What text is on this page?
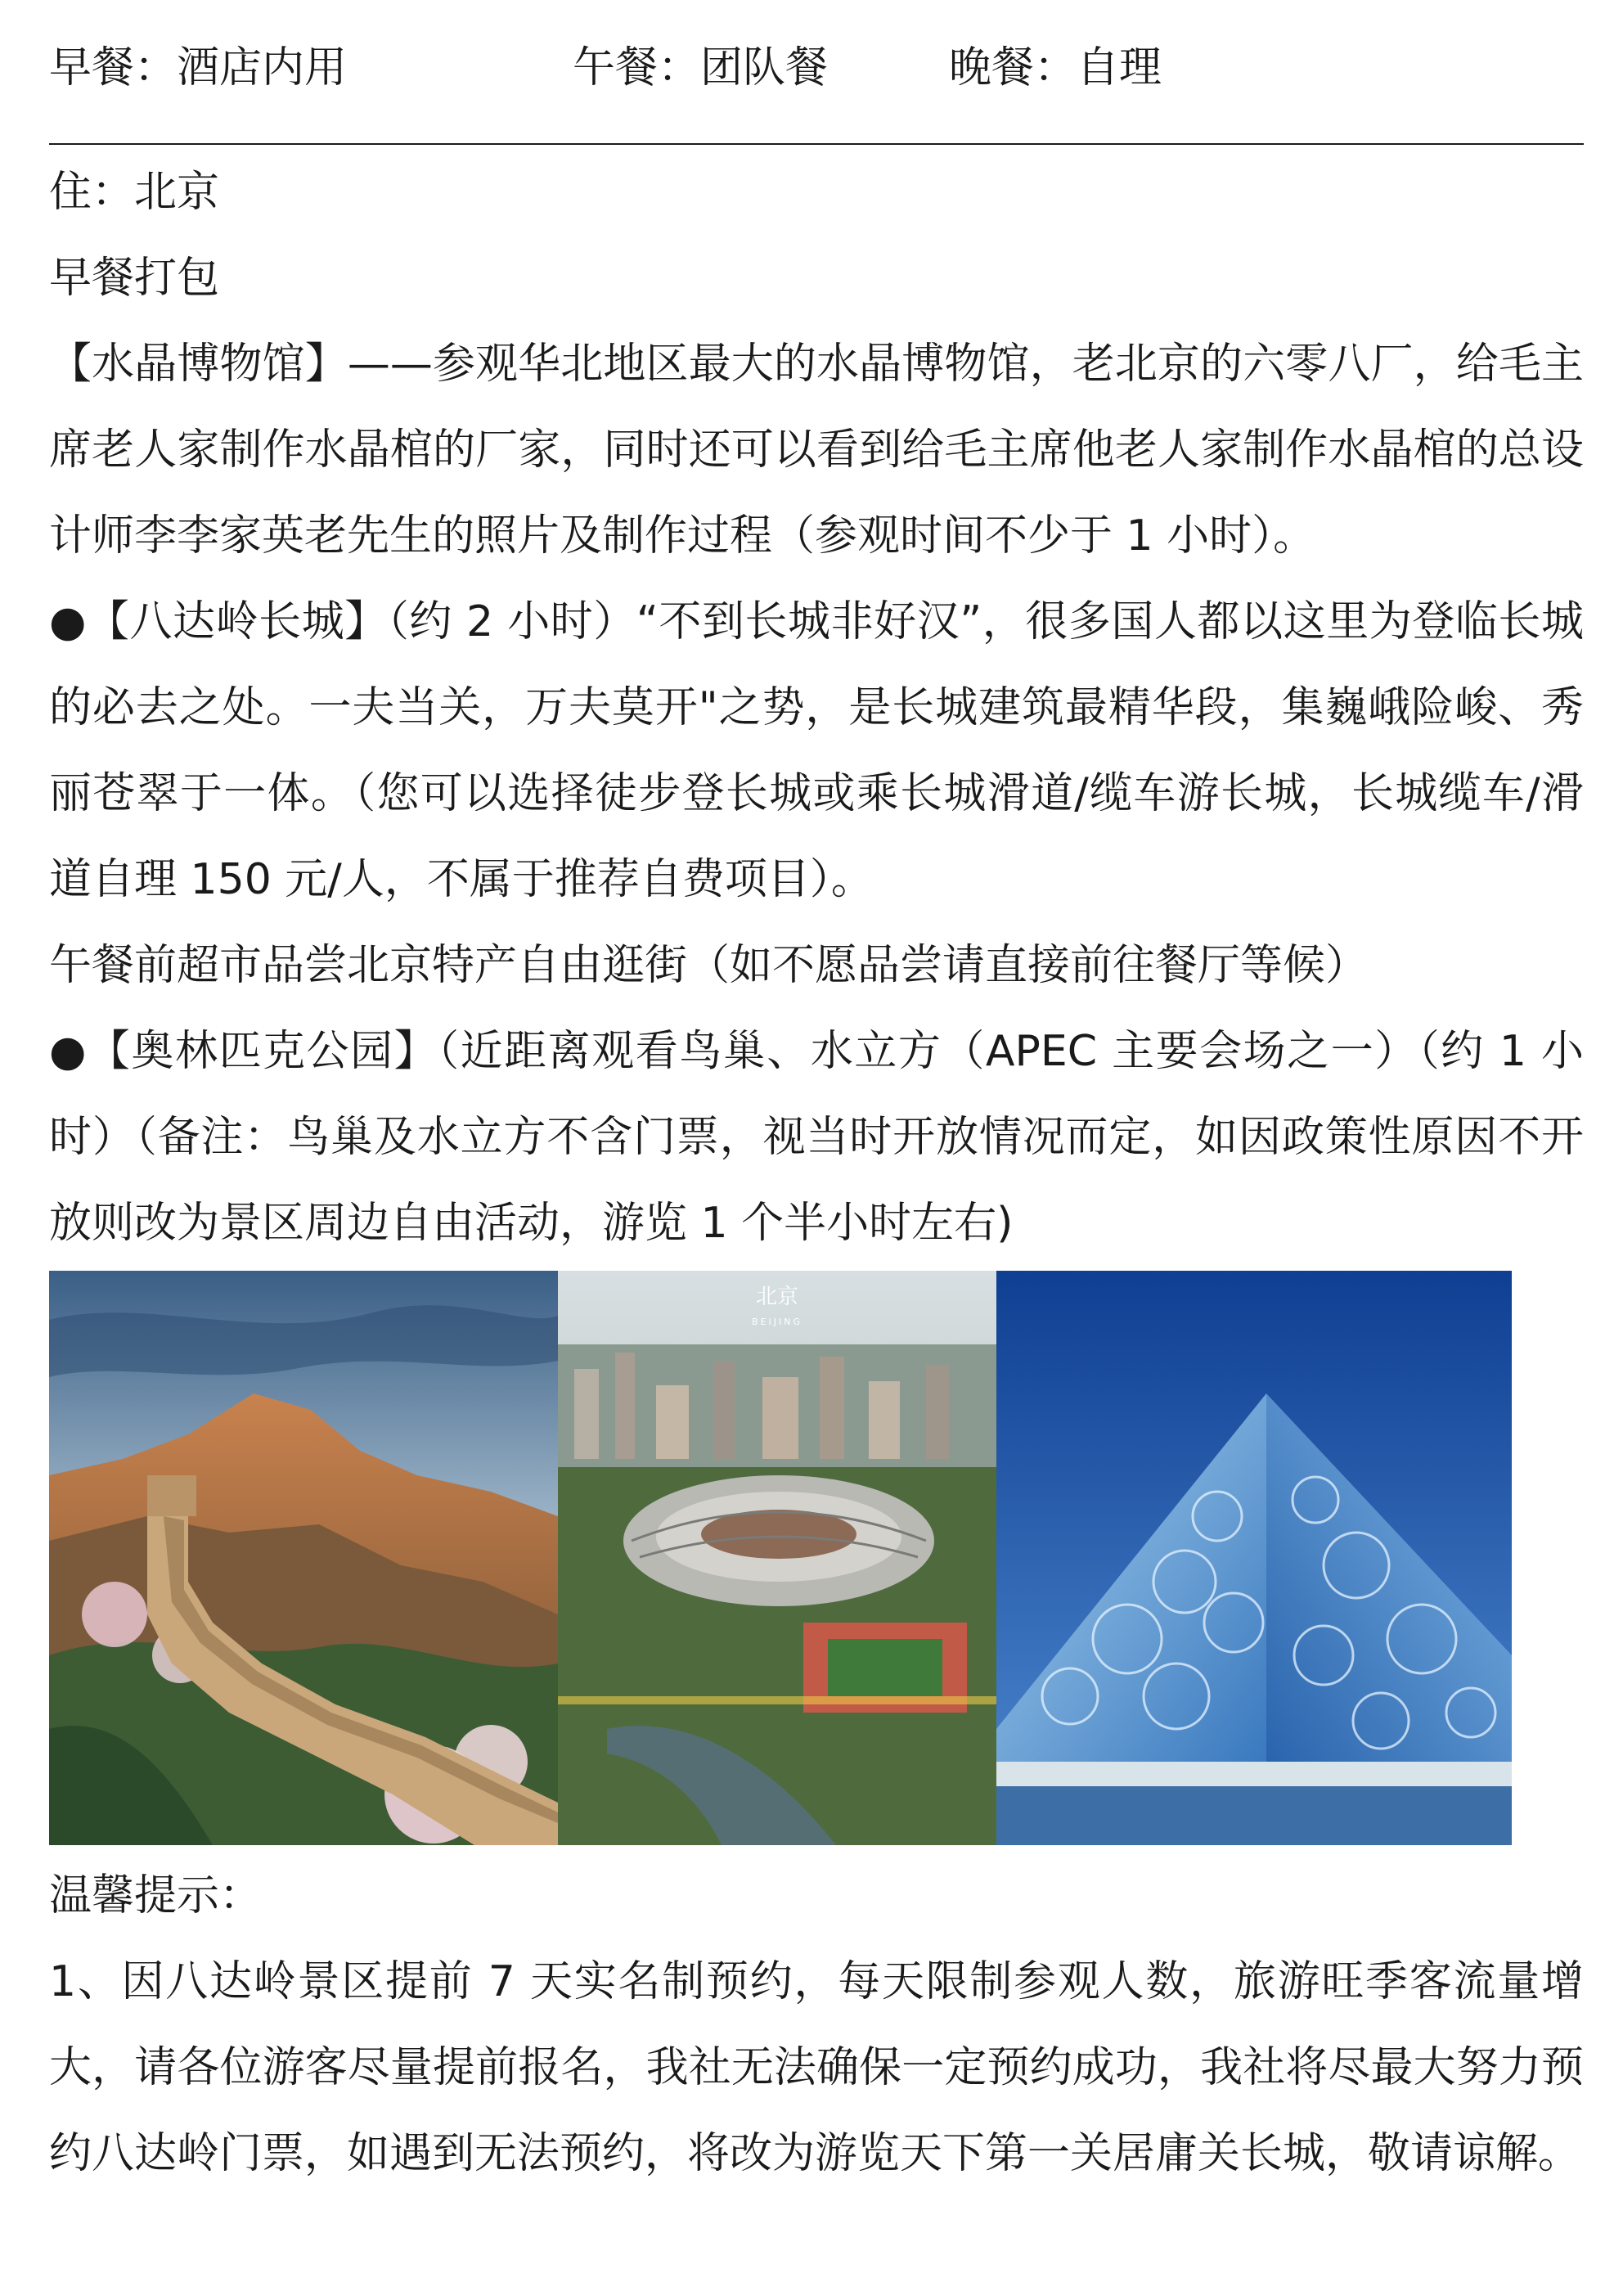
早餐：酒店内用	午餐：团队餐	晚餐：自理

住：北京

早餐打包

【水晶博物馆】——参观华北地区最大的水晶博物馆，老北京的六零八厂，给毛主席老人家制作水晶棺的厂家，同时还可以看到给毛主席他老人家制作水晶棺的总设计师李李家英老先生的照片及制作过程（参观时间不少于 1 小时）。

●【八达岭长城】（约 2 小时）“不到长城非好汉”，很多国人都以这里为登临长城的必去之处。一夫当关，万夫莫开"之势，是长城建筑最精华段，集巍峨险峻、秀丽苍翠于一体。（您可以选择徒步登长城或乘长城滑道/缆车游长城，长城缆车/滑道自理 150 元/人，不属于推荐自费项目）。

午餐前超市品尝北京特产自由逛街（如不愿品尝请直接前往餐厅等候）

●【奥林匹克公园】（近距离观看鸟巢、水立方（APEC 主要会场之一）（约 1 小时）（备注：鸟巢及水立方不含门票，视当时开放情况而定，如因政策性原因不开放则改为景区周边自由活动，游览 1 个半小时左右)

北京
BEIJING

温馨提示：

1、因八达岭景区提前 7 天实名制预约，每天限制参观人数，旅游旺季客流量增大，请各位游客尽量提前报名，我社无法确保一定预约成功，我社将尽最大努力预约八达岭门票，如遇到无法预约，将改为游览天下第一关居庸关长城，敬请谅解。
